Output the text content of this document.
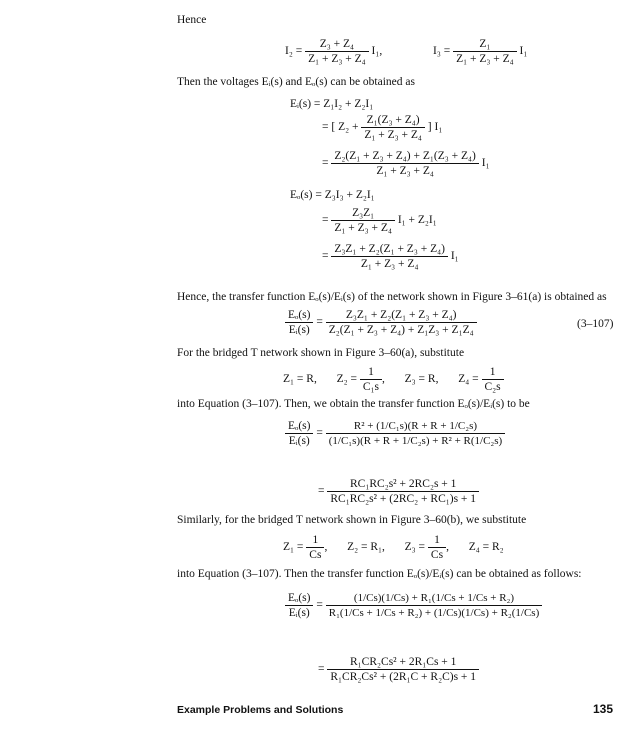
Hence
$I_2 = \frac{\text{Z₃ + Z₄}}{\text{Z₁ + Z₃ + Z₄}} I_1$,	$I_3 = \frac{\text{Z₁}}{\text{Z₁ + Z₃ + Z₄}} I_1$
Then the voltages Eᵢ(s) and Eₒ(s) can be obtained as
Eᵢ(s) = Z₁I₂ + Z₂I₁
= [ $Z_2 + \frac{\text{Z₁(Z₃ + Z₄)}}{\text{Z₁ + Z₃ + Z₄}}$ ] I₁
= $\frac{\text{Z₂(Z₁ + Z₃ + Z₄) + Z₁(Z₃ + Z₄)}}{\text{Z₁ + Z₃ + Z₄}} I_1$
Eₒ(s) = Z₃I₃ + Z₂I₁
= $\frac{\text{Z₃Z₁}}{\text{Z₁ + Z₃ + Z₄}} I_1 + Z_2I_1$
= $\frac{\text{Z₃Z₁ + Z₂(Z₁ + Z₃ + Z₄)}}{\text{Z₁ + Z₃ + Z₄}} I_1$
Hence, the transfer function Eₒ(s)/Eᵢ(s) of the network shown in Figure 3–61(a) is obtained as
$\frac{\text{Eₒ(s)}}{\text{Eᵢ(s)}} = \frac{\text{Z₃Z₁ + Z₂(Z₁ + Z₃ + Z₄)}}{\text{Z₂(Z₁ + Z₃ + Z₄) + Z₁Z₃ + Z₁Z₄}}$	(3–107)
For the bridged T network shown in Figure 3–60(a), substitute
Z₁ = R, $Z_2 = \frac{1}{\text{C₁s}}$ ,  Z₃ = R, $Z_4 = \frac{1}{\text{C₂s}}$
into Equation (3–107). Then, we obtain the transfer function Eₒ(s)/Eᵢ(s) to be
$\frac{\text{Eₒ(s)}}{\text{Eᵢ(s)}} = \frac{\text{R² + (1/C₁s)(R + R + 1/C₂s)}}{\text{(1/C₁s)(R + R + 1/C₂s) + R² + R(1/C₂s)}}$
= $\frac{\text{RC₁RC₂s² + 2RC₂s + 1}}{\text{RC₁RC₂s² + (2RC₂ + RC₁)s + 1}}$
Similarly, for the bridged T network shown in Figure 3–60(b), we substitute
$Z_1 = \frac{1}{Cs}$ ,  Z₂ = R₁, $Z_3 = \frac{1}{Cs}$ ,  Z₄ = R₂
into Equation (3–107). Then the transfer function Eₒ(s)/Eᵢ(s) can be obtained as follows:
$\frac{\text{Eₒ(s)}}{\text{Eᵢ(s)}} = \frac{\text{(1/Cs)(1/Cs) + R₁(1/Cs + 1/Cs + R₂)}}{\text{R₁(1/Cs + 1/Cs + R₂) + (1/Cs)(1/Cs) + R₂(1/Cs)}}$
= $\frac{\text{R₁CR₂Cs² + 2R₁Cs + 1}}{\text{R₁CR₂Cs² + (2R₁C + R₂C)s + 1}}$
Example Problems and Solutions	135
